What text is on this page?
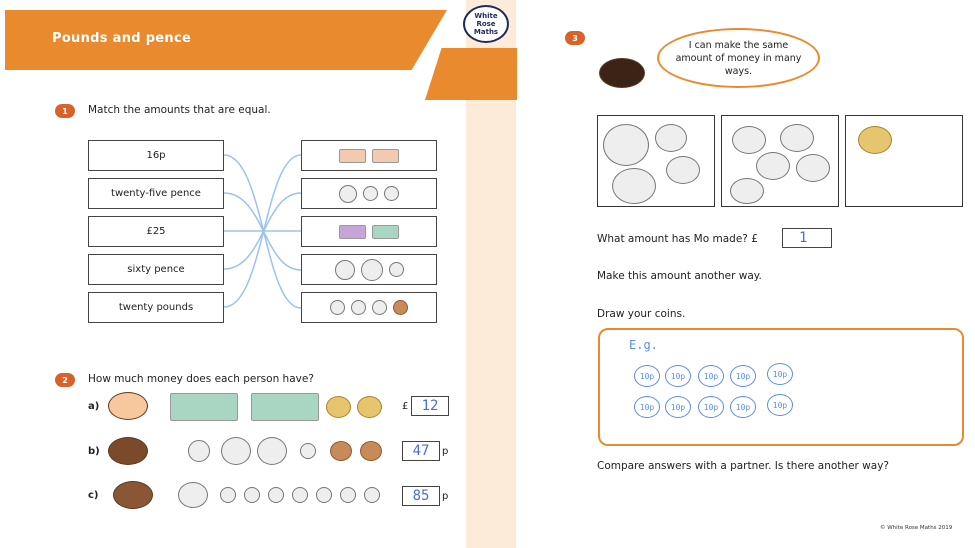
Pounds and pence
White
Rose
Maths
1	Match the amounts that are equal.
16p
twenty-five pence
£25
sixty pence
twenty pounds
2	How much money does each person have?
a)	£ 12
b)	47	p
c)	85	p
3
I can make the same amount of money in many ways.
What amount has Mo made? £	1
Make this amount another way.
Draw your coins.
E.g.
10p	10p	10p	10p	10p
10p	10p	10p	10p	10p
Compare answers with a partner. Is there another way?
© White Rose Maths 2019
